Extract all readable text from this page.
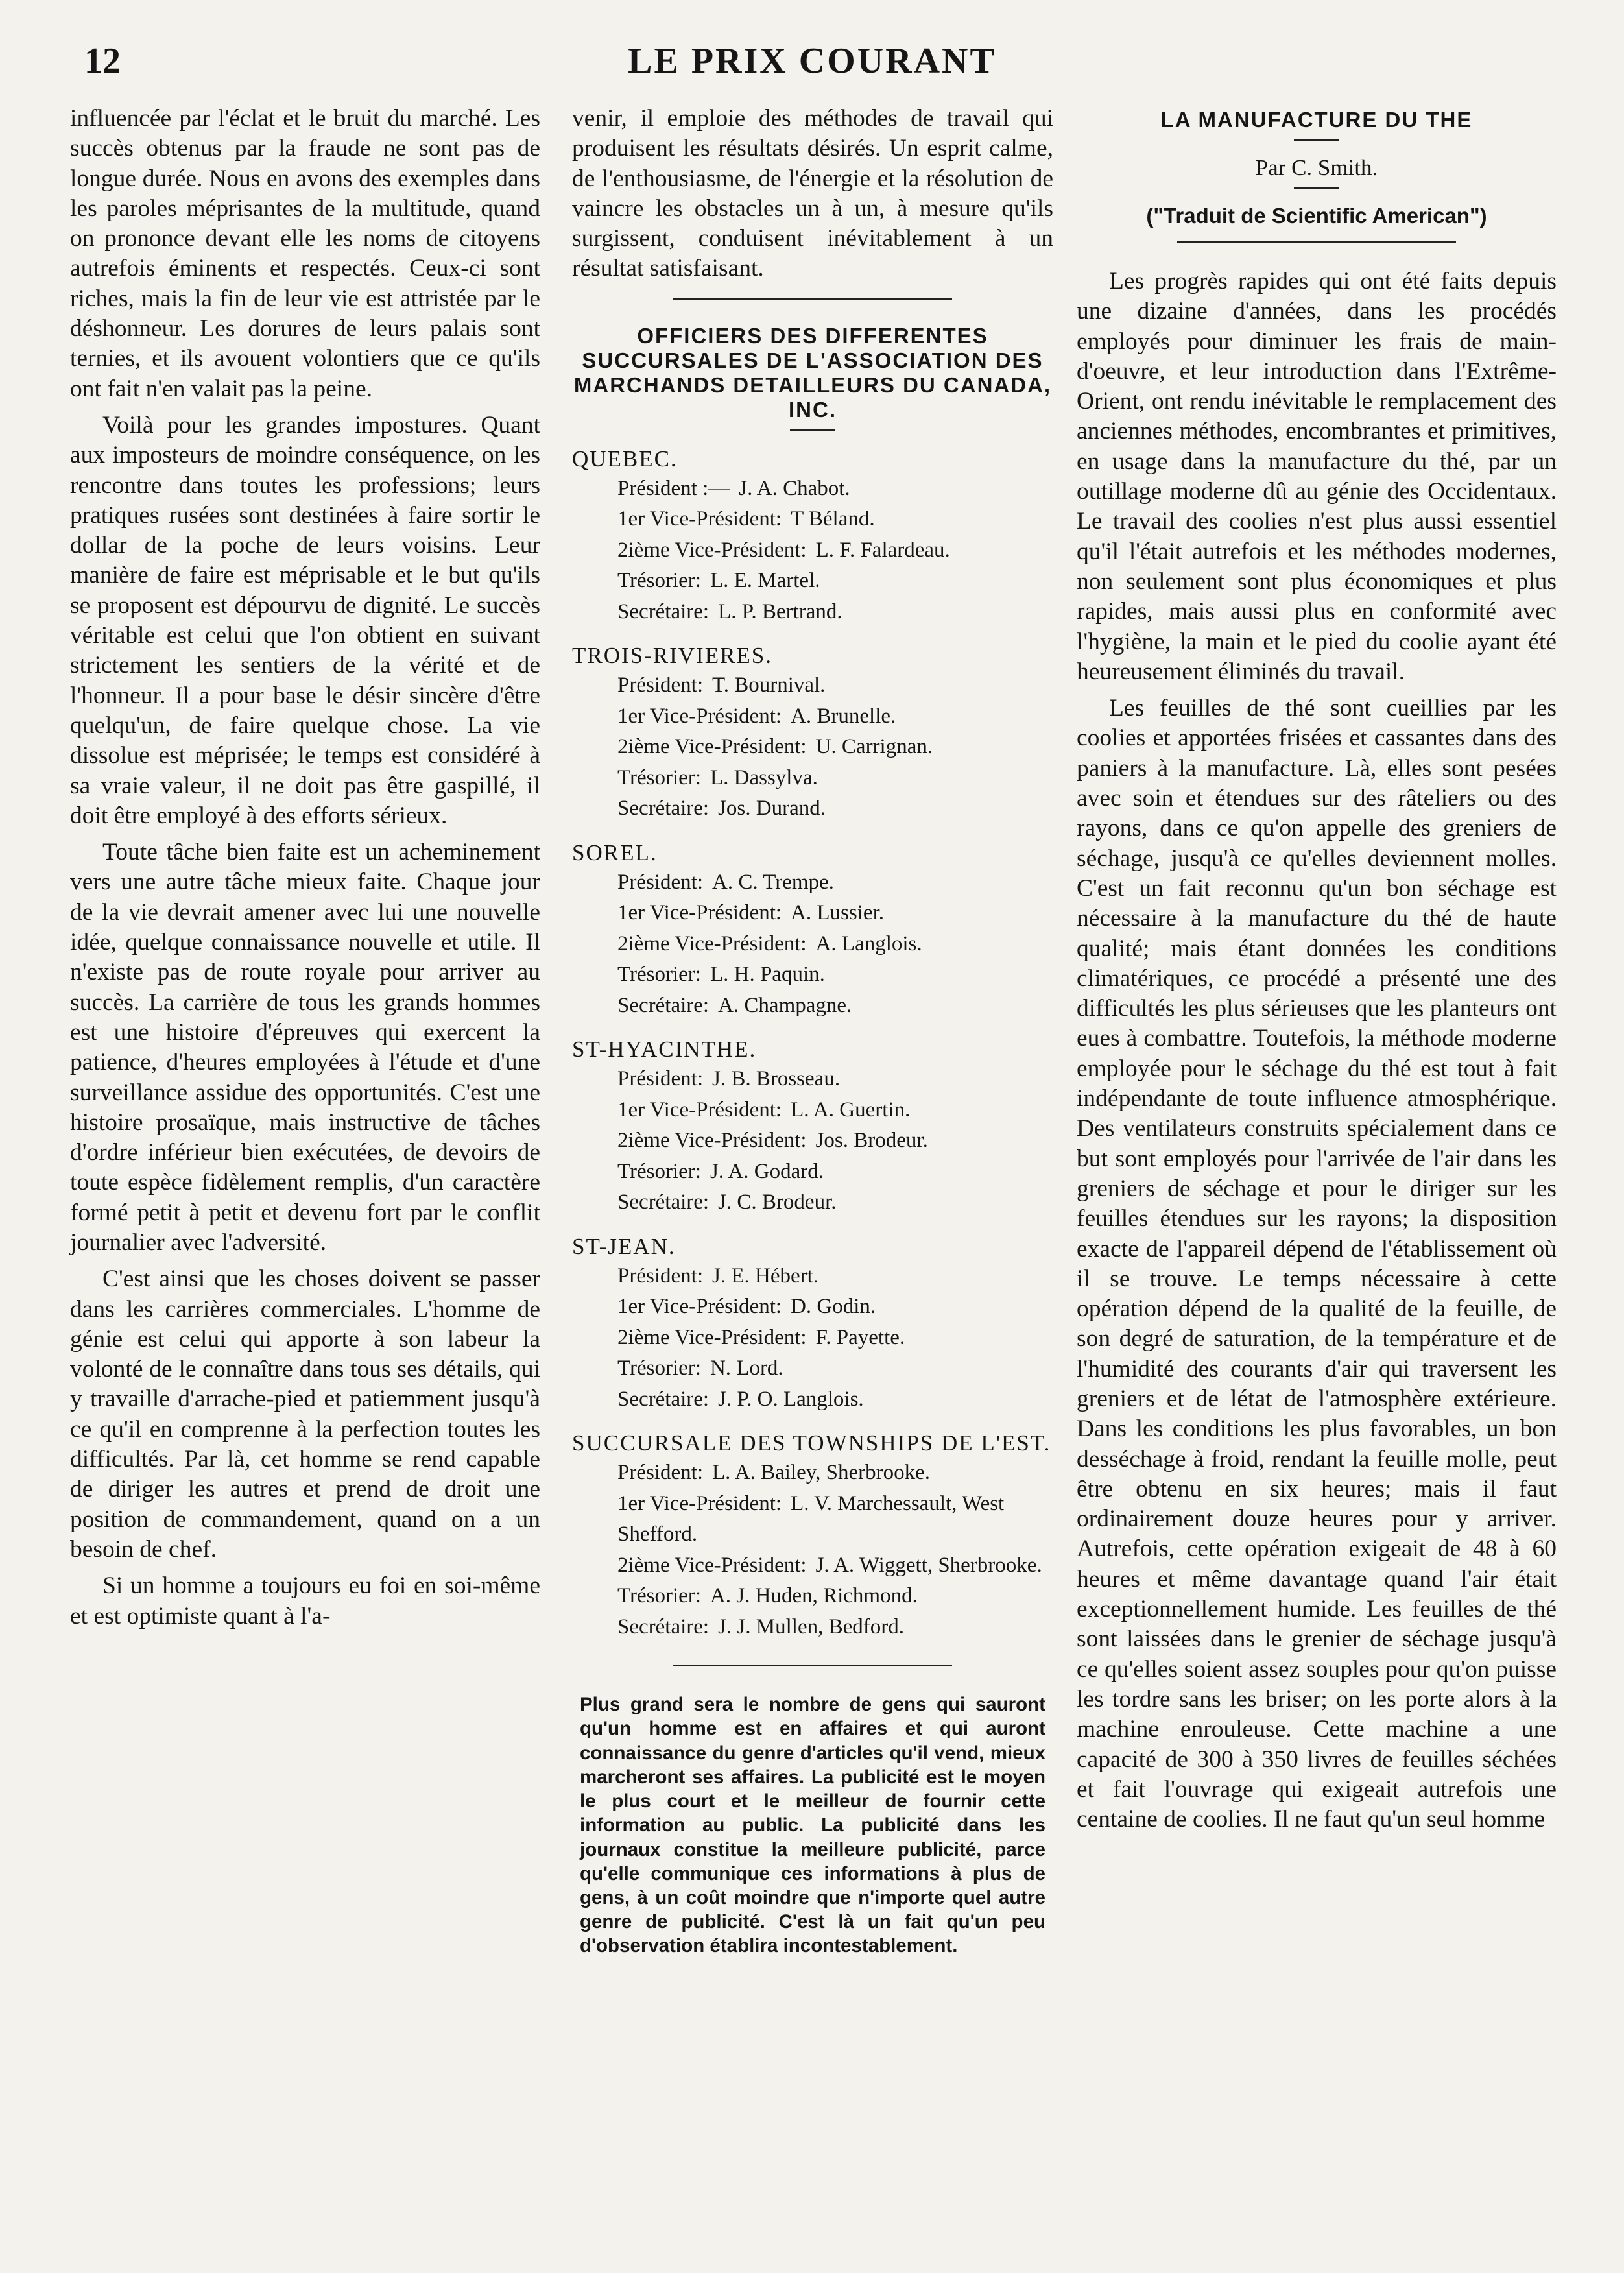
12	LE PRIX COURANT

influencée par l'éclat et le bruit du marché. Les succès obtenus par la fraude ne sont pas de longue durée. Nous en avons des exemples dans les paroles méprisantes de la multitude, quand on prononce devant elle les noms de citoyens autrefois éminents et respectés. Ceux-ci sont riches, mais la fin de leur vie est attristée par le déshonneur. Les dorures de leurs palais sont ternies, et ils avouent volontiers que ce qu'ils ont fait n'en valait pas la peine.

Voilà pour les grandes impostures. Quant aux imposteurs de moindre conséquence, on les rencontre dans toutes les professions; leurs pratiques rusées sont destinées à faire sortir le dollar de la poche de leurs voisins. Leur manière de faire est méprisable et le but qu'ils se proposent est dépourvu de dignité. Le succès véritable est celui que l'on obtient en suivant strictement les sentiers de la vérité et de l'honneur. Il a pour base le désir sincère d'être quelqu'un, de faire quelque chose. La vie dissolue est méprisée; le temps est considéré à sa vraie valeur, il ne doit pas être gaspillé, il doit être employé à des efforts sérieux.

Toute tâche bien faite est un acheminement vers une autre tâche mieux faite. Chaque jour de la vie devrait amener avec lui une nouvelle idée, quelque connaissance nouvelle et utile. Il n'existe pas de route royale pour arriver au succès. La carrière de tous les grands hommes est une histoire d'épreuves qui exercent la patience, d'heures employées à l'étude et d'une surveillance assidue des opportunités. C'est une histoire prosaïque, mais instructive de tâches d'ordre inférieur bien exécutées, de devoirs de toute espèce fidèlement remplis, d'un caractère formé petit à petit et devenu fort par le conflit journalier avec l'adversité.

C'est ainsi que les choses doivent se passer dans les carrières commerciales. L'homme de génie est celui qui apporte à son labeur la volonté de le connaître dans tous ses détails, qui y travaille d'arrache-pied et patiemment jusqu'à ce qu'il en comprenne à la perfection toutes les difficultés. Par là, cet homme se rend capable de diriger les autres et prend de droit une position de commandement, quand on a un besoin de chef.

Si un homme a toujours eu foi en soi-même et est optimiste quant à l'a-

venir, il emploie des méthodes de travail qui produisent les résultats désirés. Un esprit calme, de l'enthousiasme, de l'énergie et la résolution de vaincre les obstacles un à un, à mesure qu'ils surgissent, conduisent inévitablement à un résultat satisfaisant.

OFFICIERS DES DIFFERENTES SUCCURSALES DE L'ASSOCIATION DES MARCHANDS DETAILLEURS DU CANADA, INC.
QUEBEC.
Président :— J. A. Chabot.
1er Vice-Président: T Béland.
2ième Vice-Président: L. F. Falardeau.
Trésorier: L. E. Martel.
Secrétaire: L. P. Bertrand.
TROIS-RIVIERES.
Président: T. Bournival.
1er Vice-Président: A. Brunelle.
2ième Vice-Président: U. Carrignan.
Trésorier: L. Dassylva.
Secrétaire: Jos. Durand.
SOREL.
Président: A. C. Trempe.
1er Vice-Président: A. Lussier.
2ième Vice-Président: A. Langlois.
Trésorier: L. H. Paquin.
Secrétaire: A. Champagne.
ST-HYACINTHE.
Président: J. B. Brosseau.
1er Vice-Président: L. A. Guertin.
2ième Vice-Président: Jos. Brodeur.
Trésorier: J. A. Godard.
Secrétaire: J. C. Brodeur.
ST-JEAN.
Président: J. E. Hébert.
1er Vice-Président: D. Godin.
2ième Vice-Président: F. Payette.
Trésorier: N. Lord.
Secrétaire: J. P. O. Langlois.
SUCCURSALE DES TOWNSHIPS DE L'EST.
Président: L. A. Bailey, Sherbrooke.
1er Vice-Président: L. V. Marchessault, West Shefford.
2ième Vice-Président: J. A. Wiggett, Sherbrooke.
Trésorier: A. J. Huden, Richmond.
Secrétaire: J. J. Mullen, Bedford.

Plus grand sera le nombre de gens qui sauront qu'un homme est en affaires et qui auront connaissance du genre d'articles qu'il vend, mieux marcheront ses affaires. La publicité est le moyen le plus court et le meilleur de fournir cette information au public. La publicité dans les journaux constitue la meilleure publicité, parce qu'elle communique ces informations à plus de gens, à un coût moindre que n'importe quel autre genre de publicité. C'est là un fait qu'un peu d'observation établira incontestablement.

LA MANUFACTURE DU THE
Par C. Smith.
("Traduit de Scientific American")

Les progrès rapides qui ont été faits depuis une dizaine d'années, dans les procédés employés pour diminuer les frais de main-d'oeuvre, et leur introduction dans l'Extrême-Orient, ont rendu inévitable le remplacement des anciennes méthodes, encombrantes et primitives, en usage dans la manufacture du thé, par un outillage moderne dû au génie des Occidentaux. Le travail des coolies n'est plus aussi essentiel qu'il l'était autrefois et les méthodes modernes, non seulement sont plus économiques et plus rapides, mais aussi plus en conformité avec l'hygiène, la main et le pied du coolie ayant été heureusement éliminés du travail.

Les feuilles de thé sont cueillies par les coolies et apportées frisées et cassantes dans des paniers à la manufacture. Là, elles sont pesées avec soin et étendues sur des râteliers ou des rayons, dans ce qu'on appelle des greniers de séchage, jusqu'à ce qu'elles deviennent molles. C'est un fait reconnu qu'un bon séchage est nécessaire à la manufacture du thé de haute qualité; mais étant données les conditions climatériques, ce procédé a présenté une des difficultés les plus sérieuses que les planteurs ont eues à combattre. Toutefois, la méthode moderne employée pour le séchage du thé est tout à fait indépendante de toute influence atmosphérique. Des ventilateurs construits spécialement dans ce but sont employés pour l'arrivée de l'air dans les greniers de séchage et pour le diriger sur les feuilles étendues sur les rayons; la disposition exacte de l'appareil dépend de l'établissement où il se trouve. Le temps nécessaire à cette opération dépend de la qualité de la feuille, de son degré de saturation, de la température et de l'humidité des courants d'air qui traversent les greniers et de létat de l'atmosphère extérieure. Dans les conditions les plus favorables, un bon desséchage à froid, rendant la feuille molle, peut être obtenu en six heures; mais il faut ordinairement douze heures pour y arriver. Autrefois, cette opération exigeait de 48 à 60 heures et même davantage quand l'air était exceptionnellement humide. Les feuilles de thé sont laissées dans le grenier de séchage jusqu'à ce qu'elles soient assez souples pour qu'on puisse les tordre sans les briser; on les porte alors à la machine enrouleuse. Cette machine a une capacité de 300 à 350 livres de feuilles séchées et fait l'ouvrage qui exigeait autrefois une centaine de coolies. Il ne faut qu'un seul homme
